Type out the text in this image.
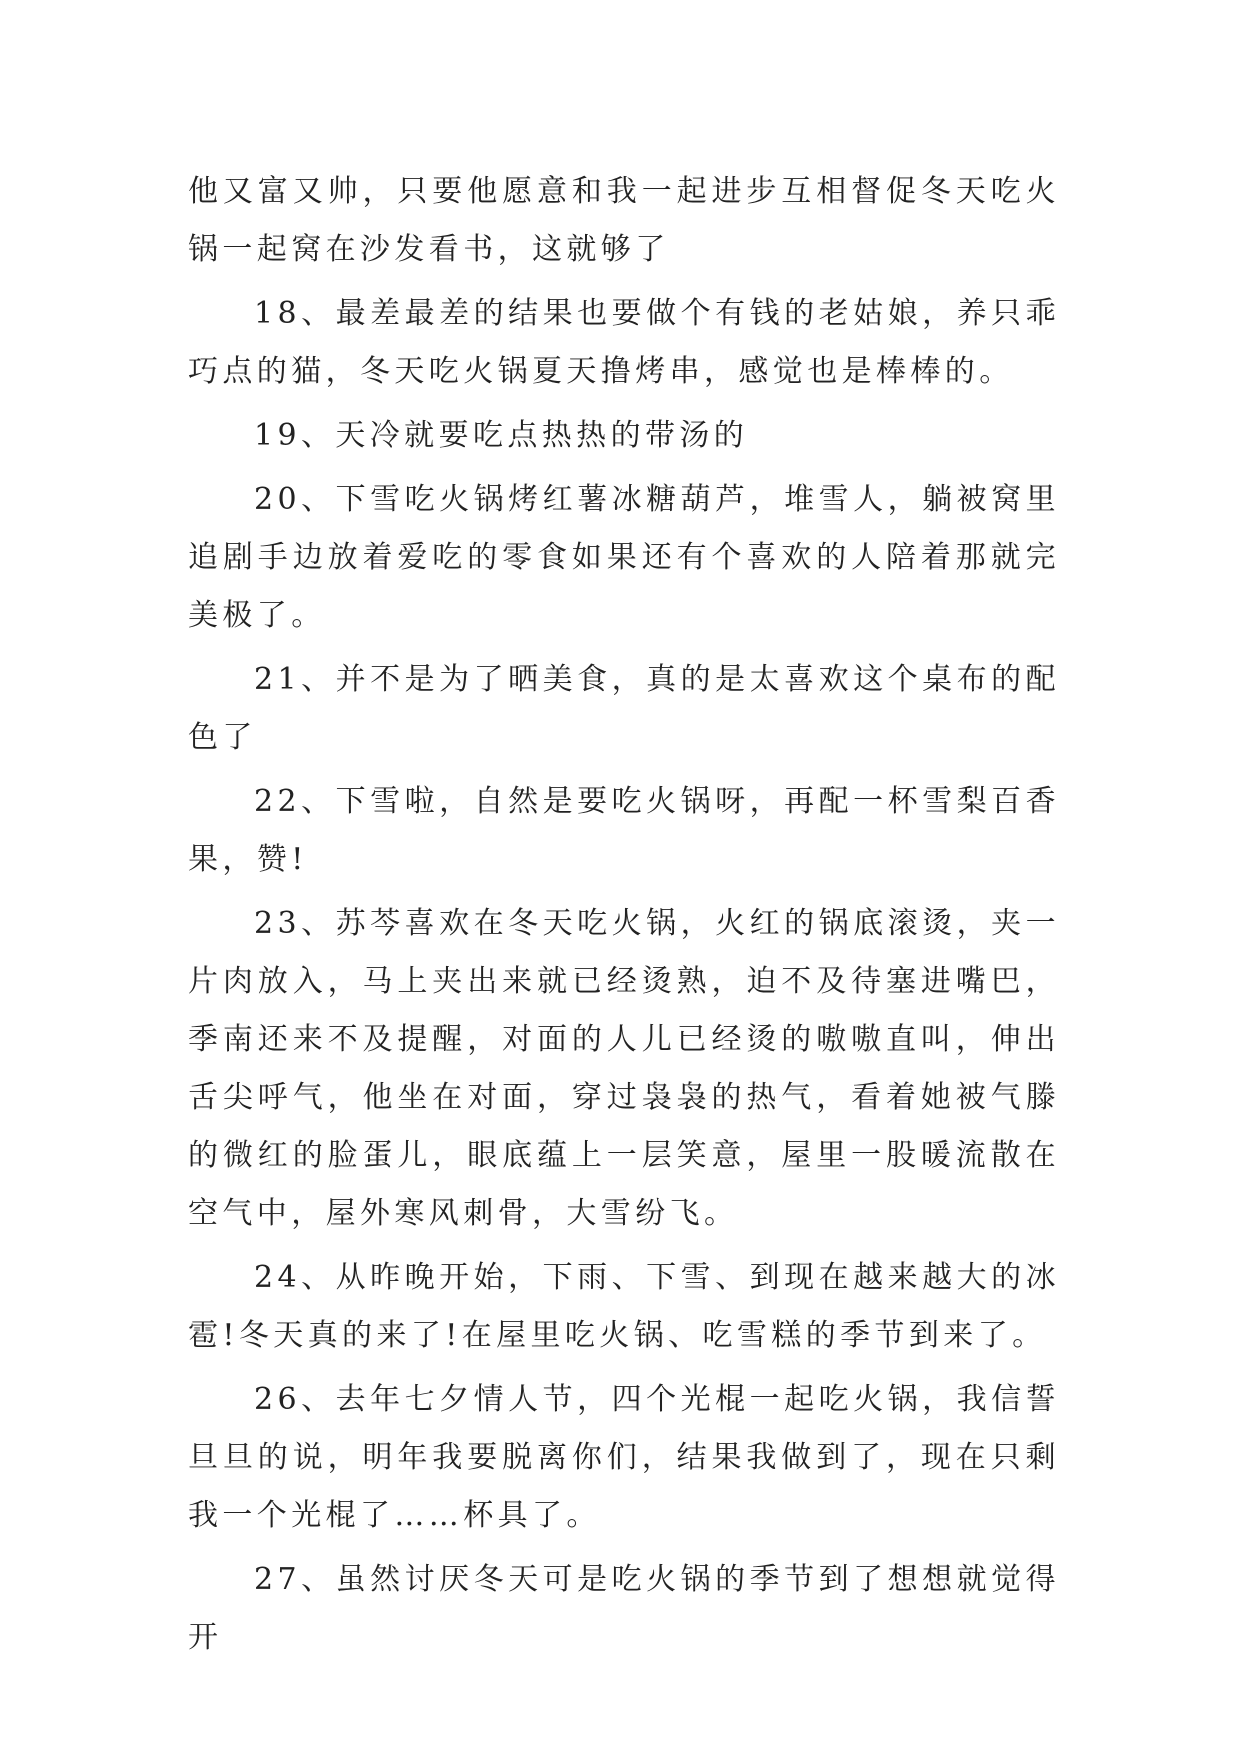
他又富又帅，只要他愿意和我一起进步互相督促冬天吃火锅一起窝在沙发看书，这就够了

18、最差最差的结果也要做个有钱的老姑娘，养只乖巧点的猫，冬天吃火锅夏天撸烤串，感觉也是棒棒的。

19、天冷就要吃点热热的带汤的

20、下雪吃火锅烤红薯冰糖葫芦，堆雪人，躺被窝里追剧手边放着爱吃的零食如果还有个喜欢的人陪着那就完美极了。

21、并不是为了晒美食，真的是太喜欢这个桌布的配色了

22、下雪啦，自然是要吃火锅呀，再配一杯雪梨百香果，赞!

23、苏芩喜欢在冬天吃火锅，火红的锅底滚烫，夹一片肉放入，马上夹出来就已经烫熟，迫不及待塞进嘴巴，季南还来不及提醒，对面的人儿已经烫的嗷嗷直叫，伸出舌尖呼气，他坐在对面，穿过袅袅的热气，看着她被气滕的微红的脸蛋儿，眼底蕴上一层笑意，屋里一股暖流散在空气中，屋外寒风刺骨，大雪纷飞。

24、从昨晚开始，下雨、下雪、到现在越来越大的冰雹!冬天真的来了!在屋里吃火锅、吃雪糕的季节到来了。

26、去年七夕情人节，四个光棍一起吃火锅，我信誓旦旦的说，明年我要脱离你们，结果我做到了，现在只剩我一个光棍了……杯具了。

27、虽然讨厌冬天可是吃火锅的季节到了想想就觉得开
